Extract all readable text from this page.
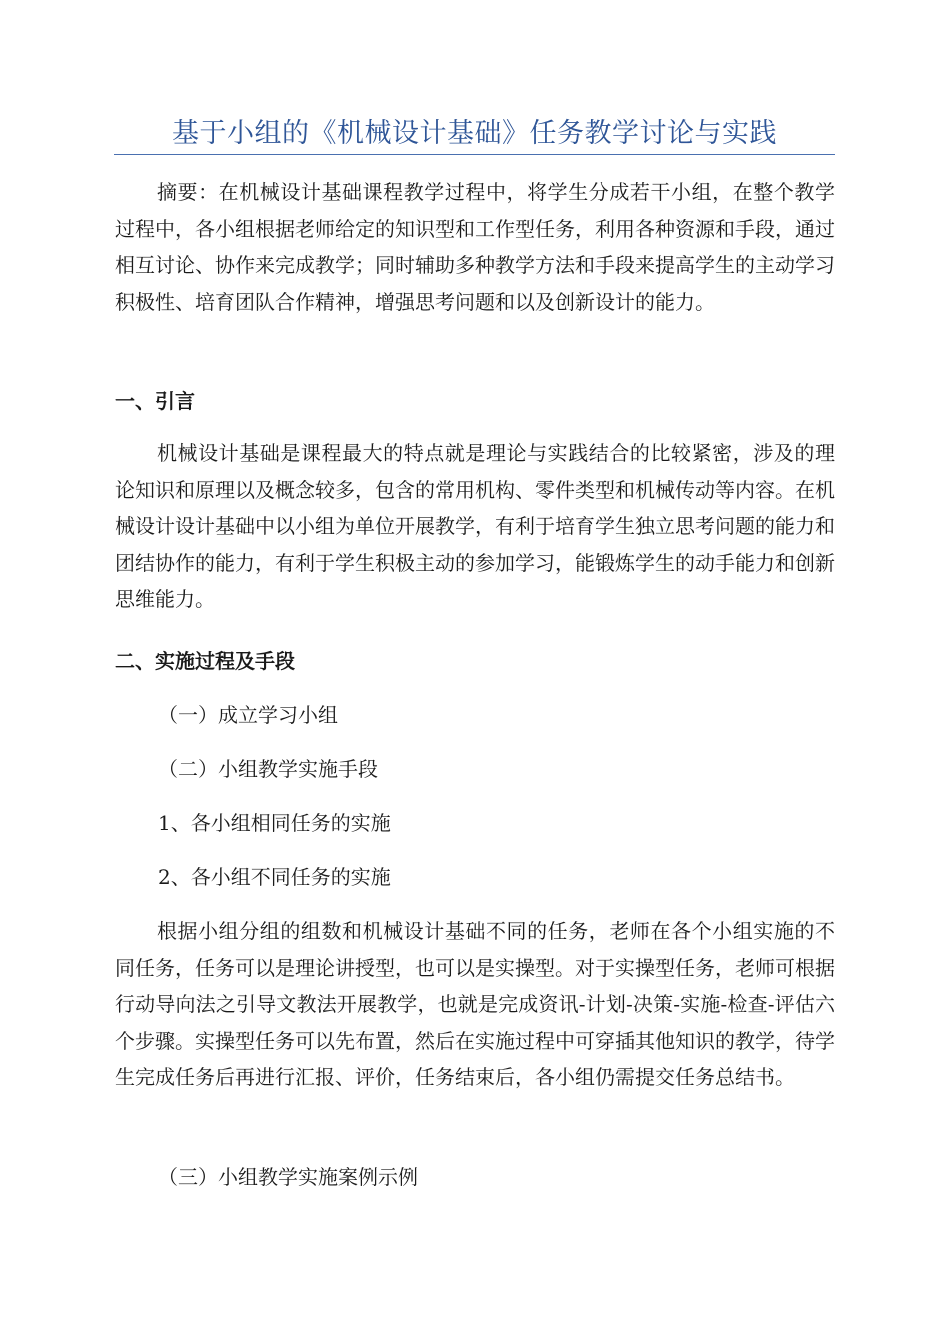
基于小组的《机械设计基础》任务教学讨论与实践
摘要：在机械设计基础课程教学过程中，将学生分成若干小组，在整个教学过程中，各小组根据老师给定的知识型和工作型任务，利用各种资源和手段，通过相互讨论、协作来完成教学；同时辅助多种教学方法和手段来提高学生的主动学习积极性、培育团队合作精神，增强思考问题和以及创新设计的能力。
一、引言
机械设计基础是课程最大的特点就是理论与实践结合的比较紧密，涉及的理论知识和原理以及概念较多，包含的常用机构、零件类型和机械传动等内容。在机械设计设计基础中以小组为单位开展教学，有利于培育学生独立思考问题的能力和团结协作的能力，有利于学生积极主动的参加学习，能锻炼学生的动手能力和创新思维能力。
二、实施过程及手段
（一）成立学习小组
（二）小组教学实施手段
1、各小组相同任务的实施
2、各小组不同任务的实施
根据小组分组的组数和机械设计基础不同的任务，老师在各个小组实施的不同任务，任务可以是理论讲授型，也可以是实操型。对于实操型任务，老师可根据行动导向法之引导文教法开展教学，也就是完成资讯-计划-决策-实施-检查-评估六个步骤。实操型任务可以先布置，然后在实施过程中可穿插其他知识的教学，待学生完成任务后再进行汇报、评价，任务结束后，各小组仍需提交任务总结书。
（三）小组教学实施案例示例
